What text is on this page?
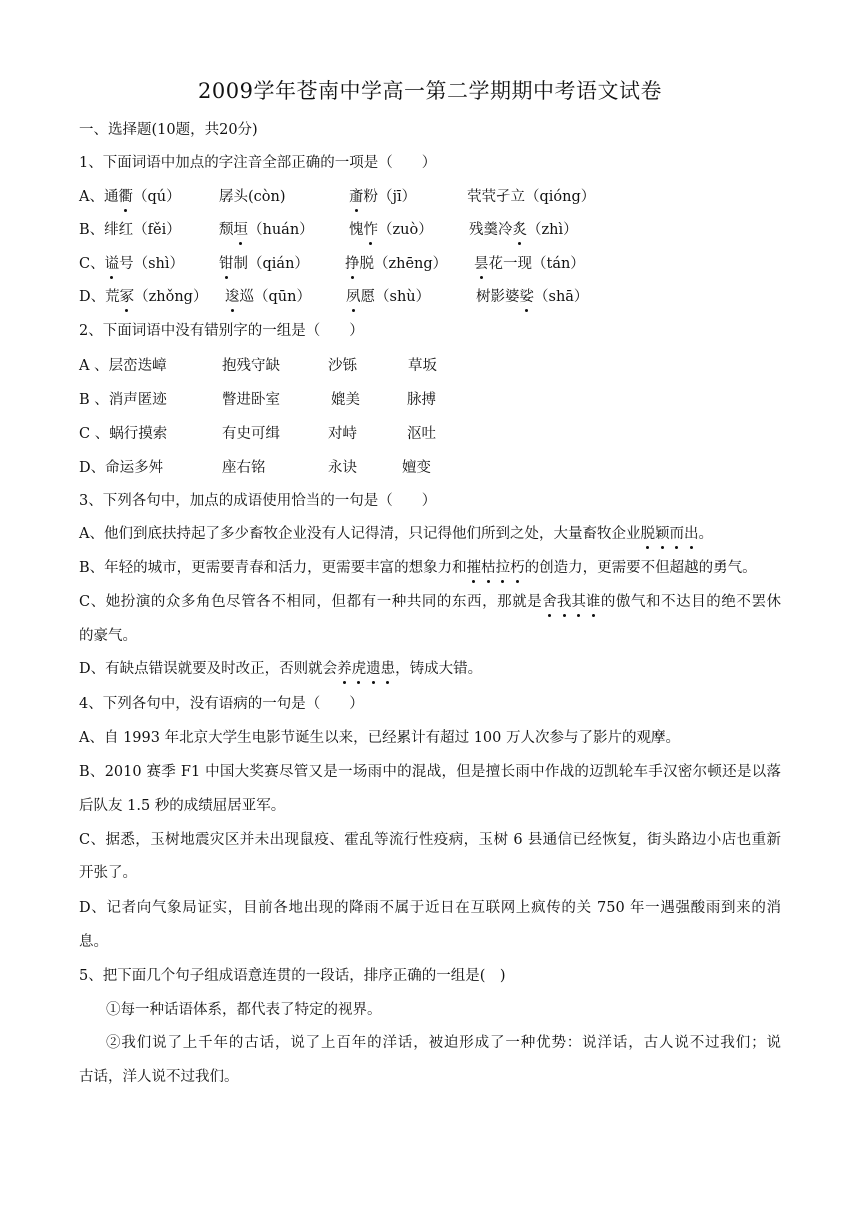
2009学年苍南中学高一第二学期期中考语文试卷
一、选择题(10题，共20分)
1、下面词语中加点的字注音全部正确的一项是（　　）
A、通衢（qú）	孱头(còn)	齑粉（jī）	茕茕孑立（qióng）
B、绯红（fěi）	颓垣（huán） 愧怍（zuò）	残羹冷炙（zhì）
C、谥号（shì） 钳制（qián） 挣脱（zhēng） 昙花一现（tán）
D、荒冢（zhǒng） 逡巡（qūn） 夙愿（shù）	树影婆娑（shā）
2、下面词语中没有错别字的一组是（　　）
A 、层峦迭嶂	抱残守缺	沙铄	草坂
B 、消声匿迹	瞥进卧室	媲美	脉搏
C 、蜗行摸索	有史可缉	对峙	沤吐
D、命运多舛	座右铭	永诀	嬗变
3、下列各句中，加点的成语使用恰当的一句是（　　）
A、他们到底扶持起了多少畜牧企业没有人记得清，只记得他们所到之处，大量畜牧企业脱颖而出。
B、年轻的城市，更需要青春和活力，更需要丰富的想象力和摧枯拉朽的创造力，更需要不但超越的勇气。
C、她扮演的众多角色尽管各不相同，但都有一种共同的东西，那就是舍我其谁的傲气和不达目的绝不罢休
的豪气。
D、有缺点错误就要及时改正，否则就会养虎遗患，铸成大错。
4、下列各句中，没有语病的一句是（　　）
A、自 1993 年北京大学生电影节诞生以来，已经累计有超过 100 万人次参与了影片的观摩。
B、2010 赛季 F1 中国大奖赛尽管又是一场雨中的混战，但是擅长雨中作战的迈凯轮车手汉密尔顿还是以落
后队友 1.5 秒的成绩屈居亚军。
C、据悉，玉树地震灾区并未出现鼠疫、霍乱等流行性疫病，玉树 6 县通信已经恢复，街头路边小店也重新
开张了。
D、记者向气象局证实，目前各地出现的降雨不属于近日在互联网上疯传的关 750 年一遇强酸雨到来的消
息。
5、把下面几个句子组成语意连贯的一段话，排序正确的一组是(　)
①每一种话语体系，都代表了特定的视界。
②我们说了上千年的古话，说了上百年的洋话，被迫形成了一种优势：说洋话，古人说不过我们；说
古话，洋人说不过我们。
